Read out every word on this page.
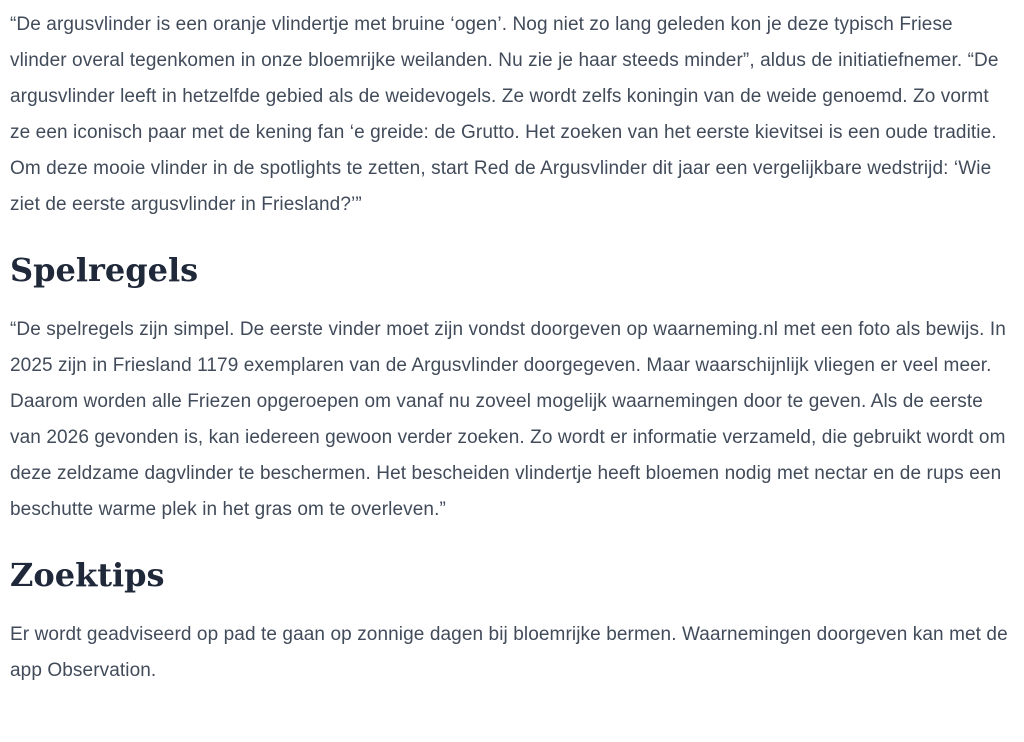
“De argusvlinder is een oranje vlindertje met bruine ‘ogen’. Nog niet zo lang geleden kon je deze typisch Friese vlinder overal tegenkomen in onze bloemrijke weilanden. Nu zie je haar steeds minder”, aldus de initiatiefnemer. “De argusvlinder leeft in hetzelfde gebied als de weidevogels. Ze wordt zelfs koningin van de weide genoemd. Zo vormt ze een iconisch paar met de kening fan ‘e greide: de Grutto. Het zoeken van het eerste kievitsei is een oude traditie. Om deze mooie vlinder in de spotlights te zetten, start Red de Argusvlinder dit jaar een vergelijkbare wedstrijd: ‘Wie ziet de eerste argusvlinder in Friesland?’”

Spelregels

“De spelregels zijn simpel. De eerste vinder moet zijn vondst doorgeven op waarneming.nl met een foto als bewijs. In 2025 zijn in Friesland 1179 exemplaren van de Argusvlinder doorgegeven. Maar waarschijnlijk vliegen er veel meer. Daarom worden alle Friezen opgeroepen om vanaf nu zoveel mogelijk waarnemingen door te geven. Als de eerste van 2026 gevonden is, kan iedereen gewoon verder zoeken. Zo wordt er informatie verzameld, die gebruikt wordt om deze zeldzame dagvlinder te beschermen. Het bescheiden vlindertje heeft bloemen nodig met nectar en de rups een beschutte warme plek in het gras om te overleven.”

Zoektips

Er wordt geadviseerd op pad te gaan op zonnige dagen bij bloemrijke bermen. Waarnemingen doorgeven kan met de app Observation.
